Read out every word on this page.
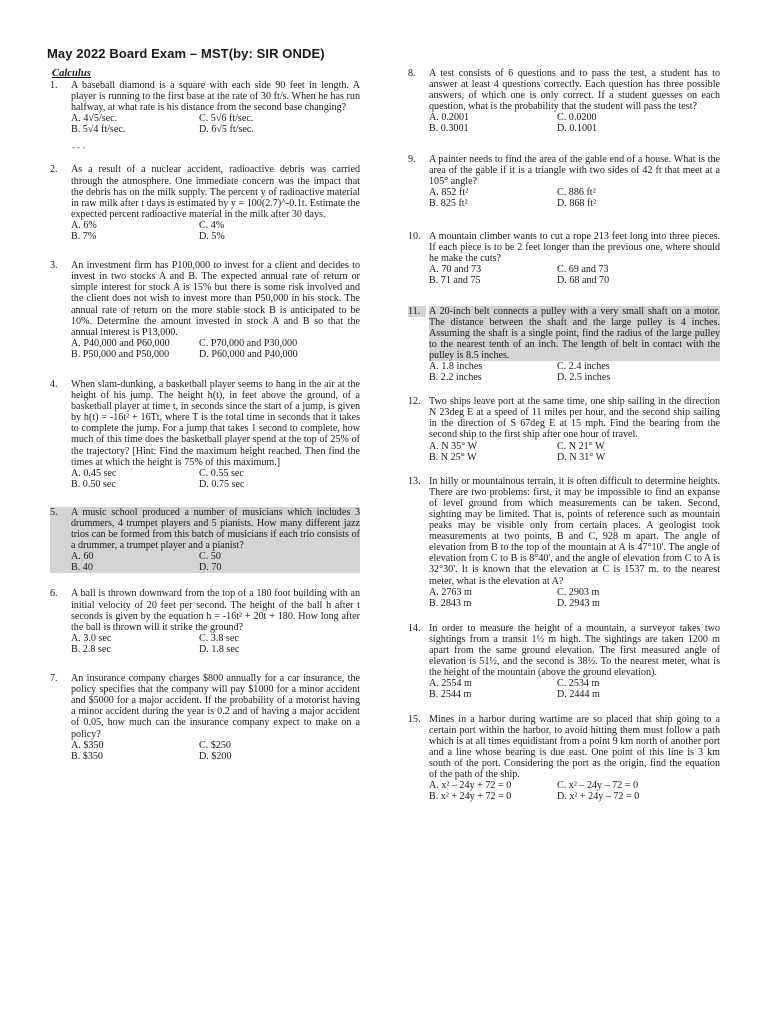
May 2022 Board Exam – MST(by: SIR ONDE)
Calculus
1.	A baseball diamond is a square with each side 90 feet in length. A player is running to the first base at the rate of 30 ft/s. When he has run halfway, at what rate is his distance from the second base changing?
A. 4√5/sec.	C. 5√6 ft/sec.
B. 5√4 ft/sec.	D. 6√5 ft/sec.
- - -
2.	As a result of a nuclear accident, radioactive debris was carried through the atmosphere. One immediate concern was the impact that the debris has on the milk supply. The percent y of radioactive material in raw milk after t days is estimated by y = 100(2.7)^-0.1t. Estimate the expected percent radioactive material in the milk after 30 days.
A. 6%	C. 4%
B. 7%	D. 5%
3.	An investment firm has P100,000 to invest for a client and decides to invest in two stocks A and B. The expected annual rate of return or simple interest for stock A is 15% but there is some risk involved and the client does not wish to invest more than P50,000 in his stock. The annual rate of return on the more stable stock B is anticipated to be 10%. Determine the amount invested in stock A and B so that the annual interest is P13,000.
A. P40,000 and P60,000	C. P70,000 and P30,000
B. P50,000 and P50,000	D. P60,000 and P40,000
4.	When slam-dunking, a basketball player seems to hang in the air at the height of his jump. The height h(t), in feet above the ground, of a basketball player at time t, in seconds since the start of a jump, is given by h(t) = -16t² + 16Tt, where T is the total time in seconds that it takes to complete the jump. For a jump that takes 1 second to complete, how much of this time does the basketball player spend at the top of 25% of the trajectory? [Hint: Find the maximum height reached. Then find the times at which the height is 75% of this maximum.]
A. 0.45 sec	C. 0.55 sec
B. 0.50 sec	D. 0.75 sec
5.	A music school produced a number of musicians which includes 3 drummers, 4 trumpet players and 5 pianists. How many different jazz trios can be formed from this batch of musicians if each trio consists of a drummer, a trumpet player and a pianist?
A. 60	C. 50
B. 40	D. 70
6.	A ball is thrown downward from the top of a 180 foot building with an initial velocity of 20 feet per second. The height of the ball h after t seconds is given by the equation h = -16t² + 20t + 180. How long after the ball is thrown will it strike the ground?
A. 3.0 sec	C. 3.8 sec
B. 2.8 sec	D. 1.8 sec
7.	An insurance company charges $800 annually for a car insurance, the policy specifies that the company will pay $1000 for a minor accident and $5000 for a major accident. If the probability of a motorist having a minor accident during the year is 0.2 and of having a major accident of 0.05, how much can the insurance company expect to make on a policy?
A. $350	C. $250
B. $350	D. $200
8.	A test consists of 6 questions and to pass the test, a student has to answer at least 4 questions correctly. Each question has three possible answers, of which one is only correct. If a student guesses on each question, what is the probability that the student will pass the test?
A. 0.2001	C. 0.0200
B. 0.3001	D. 0.1001
9.	A painter needs to find the area of the gable end of a house. What is the area of the gable if it is a triangle with two sides of 42 ft that meet at a 105° angle?
A. 852 ft²	C. 886 ft²
B. 825 ft²	D. 868 ft²
10. A mountain climber wants to cut a rope 213 feet long into three pieces. If each piece is to be 2 feet longer than the previous one, where should he make the cuts?
A. 70 and 73	C. 69 and 73
B. 71 and 75	D. 68 and 70
11. A 20-inch belt connects a pulley with a very small shaft on a motor. The distance between the shaft and the large pulley is 4 inches. Assuming the shaft is a single point, find the radius of the large pulley to the nearest tenth of an inch. The length of belt in contact with the pulley is 8.5 inches.
A. 1.8 inches	C. 2.4 inches
B. 2.2 inches	D. 2.5 inches
12. Two ships leave port at the same time, one ship sailing in the direction N 23deg E at a speed of 11 miles per hour, and the second ship sailing in the direction of S 67deg E at 15 mph. Find the bearing from the second ship to the first ship after one hour of travel.
A. N 35° W	C. N 21° W
B. N 25° W	D. N 31° W
13. In hilly or mountainous terrain, it is often difficult to determine heights. There are two problems: first, it may be impossible to find an expanse of level ground from which measurements can be taken. Second, sighting may be limited. That is, points of reference such as mountain peaks may be visible only from certain places. A geologist took measurements at two points, B and C, 928 m apart. The angle of elevation from B to the top of the mountain at A is 47°10'. The angle of elevation from C to B is 8°40', and the angle of elevation from C to A is 32°30'. It is known that the elevation at C is 1537 m. to the nearest meter, what is the elevation at A?
A. 2763 m	C. 2903 m
B. 2843 m	D. 2943 m
14. In order to measure the height of a mountain, a surveyor takes two sightings from a transit 1½ m high. The sightings are taken 1200 m apart from the same ground elevation. The first measured angle of elevation is 51½, and the second is 38½. To the nearest meter, what is the height of the mountain (above the ground elevation).
A. 2554 m	C. 2534 m
B. 2544 m	D. 2444 m
15. Mines in a harbor during wartime are so placed that ship going to a certain port within the harbor, to avoid hitting them must follow a path which is at all times equidistant from a point 9 km north of another port and a line whose bearing is due east. One point of this line is 3 km south of the port. Considering the port as the origin, find the equation of the path of the ship.
A. x² – 24y + 72 = 0	C. x² – 24y – 72 = 0
B. x² + 24y + 72 = 0	D. x² + 24y – 72 = 0
